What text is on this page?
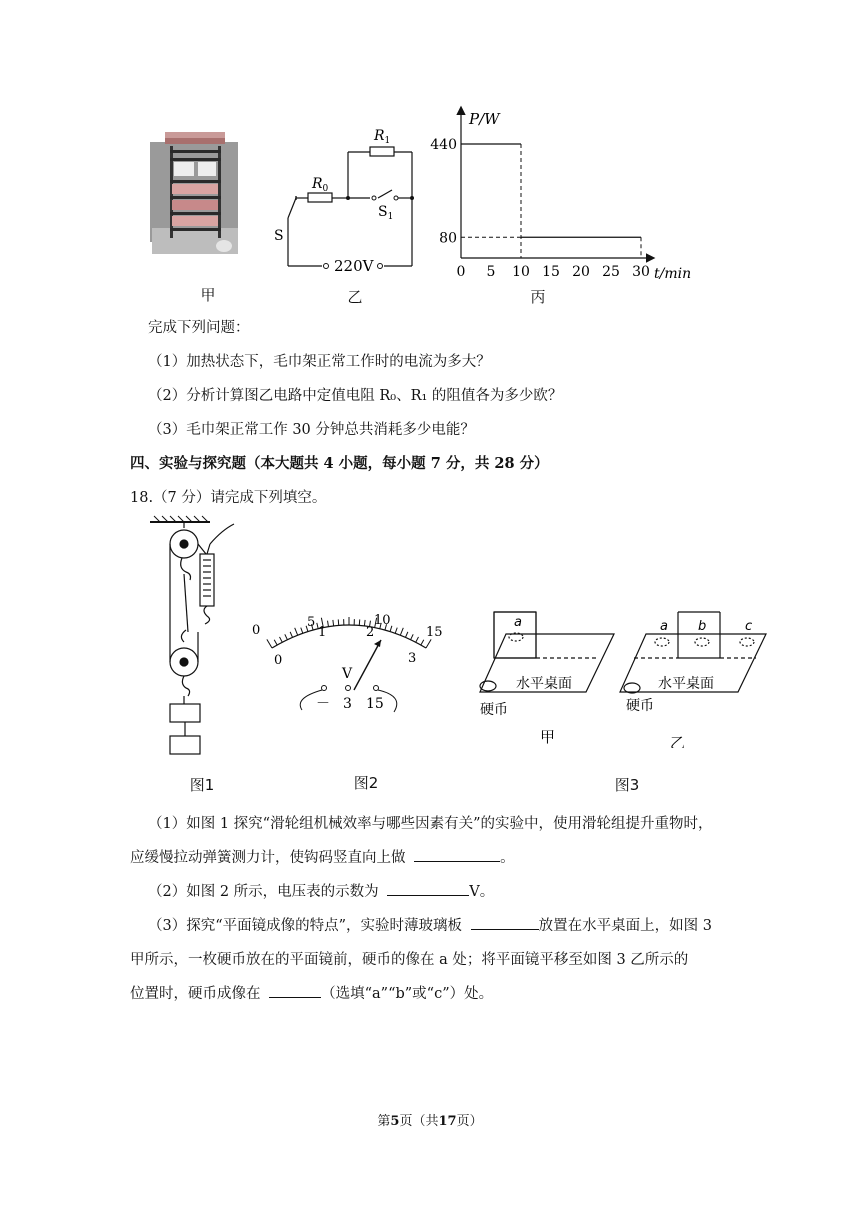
$R_1$
$R_0$
S
$S_1$
220V
P/W
t/min
440
80
0 5 10 15 20 25 30
甲	乙	丙
完成下列问题：
（1）加热状态下，毛巾架正常工作时的电流为多大？
（2）分析计算图乙电路中定值电阻 R₀、R₁ 的阻值各为多少欧？
（3）毛巾架正常工作 30 分钟总共消耗多少电能？
四、实验与探究题（本大题共 4 小题，每小题 7 分，共 28 分）
18.（7 分）请完成下列填空。
0
5	10
15
0
1	2
3
V
－ 3 15
a	a b	c
水平桌面	水平桌面
硬币	硬币
甲	乙
图1	图2	图3
（1）如图 1 探究“滑轮组机械效率与哪些因素有关”的实验中，使用滑轮组提升重物时，
应缓慢拉动弹簧测力计，使钩码竖直向上做	。
（2）如图 2 所示，电压表的示数为	V。
（3）探究“平面镜成像的特点”，实验时薄玻璃板	放置在水平桌面上，如图 3
甲所示，一枚硬币放在的平面镜前，硬币的像在 a 处；将平面镜平移至如图 3 乙所示的
位置时，硬币成像在	（选填“a”“b”或“c”）处。
第5页（共17页）
